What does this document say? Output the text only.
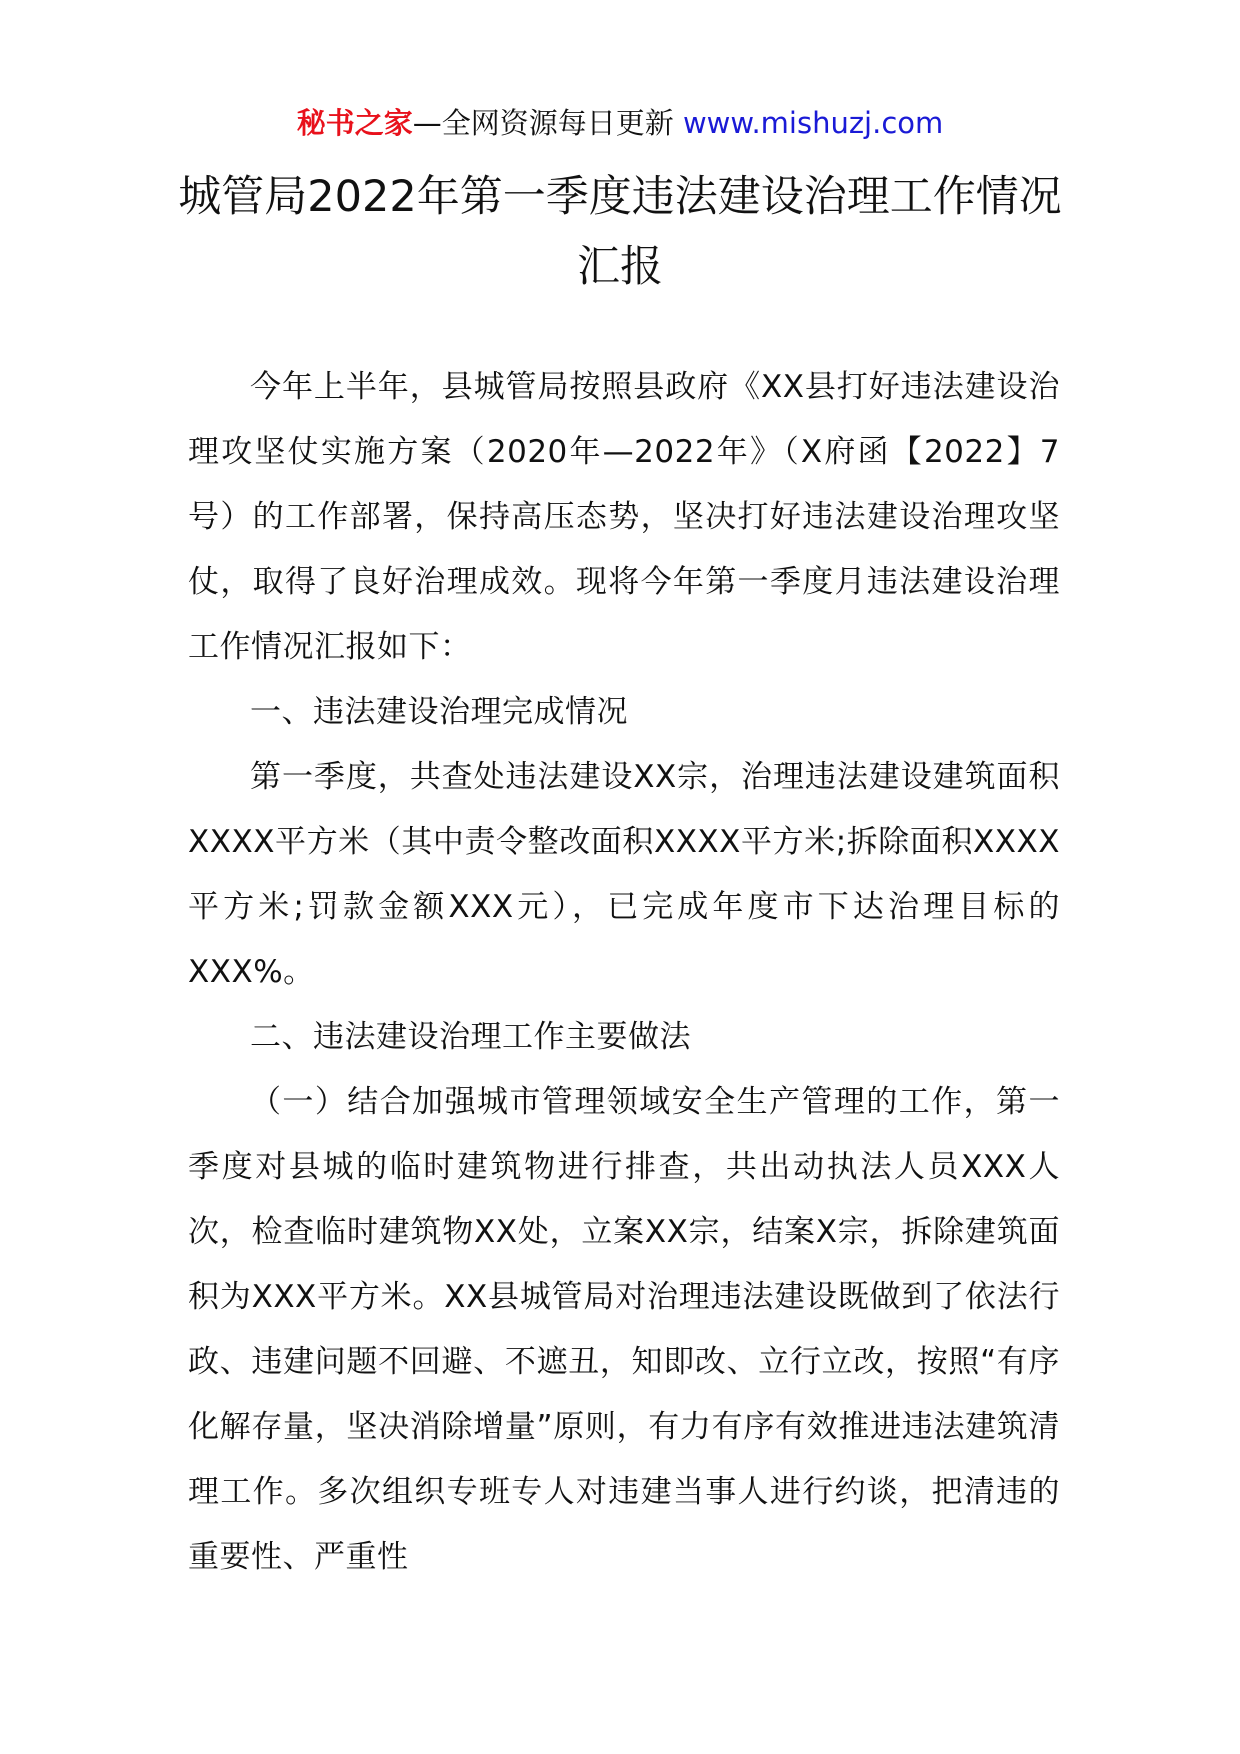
秘书之家—全网资源每日更新 www.mishuzj.com
城管局2022年第一季度违法建设治理工作情况汇报

今年上半年，县城管局按照县政府《XX县打好违法建设治理攻坚仗实施方案（2020年—2022年》（X府函【2022】7号）的工作部署，保持高压态势，坚决打好违法建设治理攻坚仗，取得了良好治理成效。现将今年第一季度月违法建设治理工作情况汇报如下：

一、违法建设治理完成情况

第一季度，共查处违法建设XX宗，治理违法建设建筑面积XXXX平方米（其中责令整改面积XXXX平方米;拆除面积XXXX平方米;罚款金额XXX元），已完成年度市下达治理目标的XXX%。

二、违法建设治理工作主要做法

（一）结合加强城市管理领域安全生产管理的工作，第一季度对县城的临时建筑物进行排查，共出动执法人员XXX人次，检查临时建筑物XX处，立案XX宗，结案X宗，拆除建筑面积为XXX平方米。XX县城管局对治理违法建设既做到了依法行政、违建问题不回避、不遮丑，知即改、立行立改，按照“有序化解存量，坚决消除增量”原则，有力有序有效推进违法建筑清理工作。多次组织专班专人对违建当事人进行约谈，把清违的重要性、严重性
